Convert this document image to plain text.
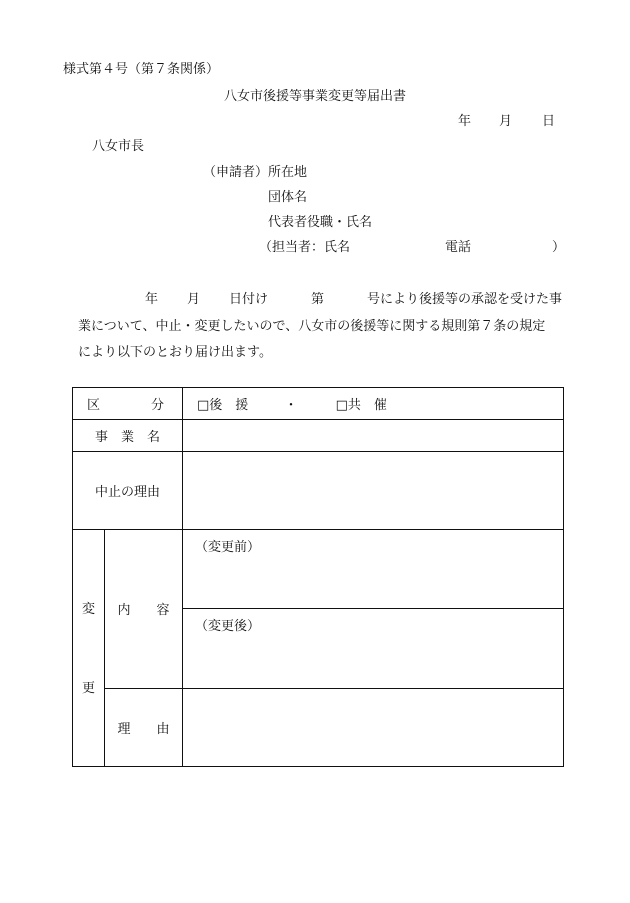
様式第４号（第７条関係）
八女市後援等事業変更等届出書
年 月 日
八女市長
（申請者）所在地
団体名
代表者役職・氏名
（担当者：氏名	電話	）
年 月 日付け	第	号により後援等の承認を受けた事
業について、中止・変更したいので、八女市の後援等に関する規則第７条の規定
により以下のとおり届け出ます。
区 分		□後　援 ・ □共　催

事　業　名		
中止の理由		

変
更	内　　容	（変更前）

		（変更後）

	理　　由	
